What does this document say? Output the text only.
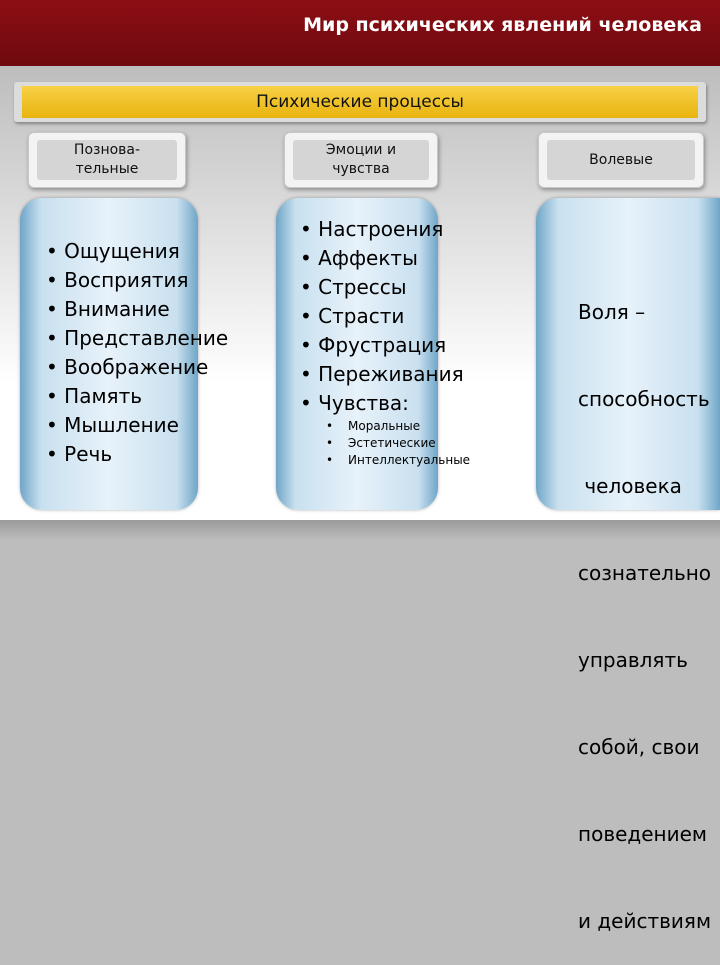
Мир психических явлений человека
Психические процессы
Познова-
тельные
Эмоции и
чувства
Волевые
• Ощущения
• Восприятия
• Внимание
• Представление
• Воображение
• Память
• Мышление
• Речь
• Настроения
• Аффекты
• Стрессы
• Страсти
• Фрустрация
• Переживания
• Чувства:
• Моральные
• Эстетические
• Интеллектуальные

Воля –

способность

человека

сознательно

управлять

собой, свои

поведением

и действиям
